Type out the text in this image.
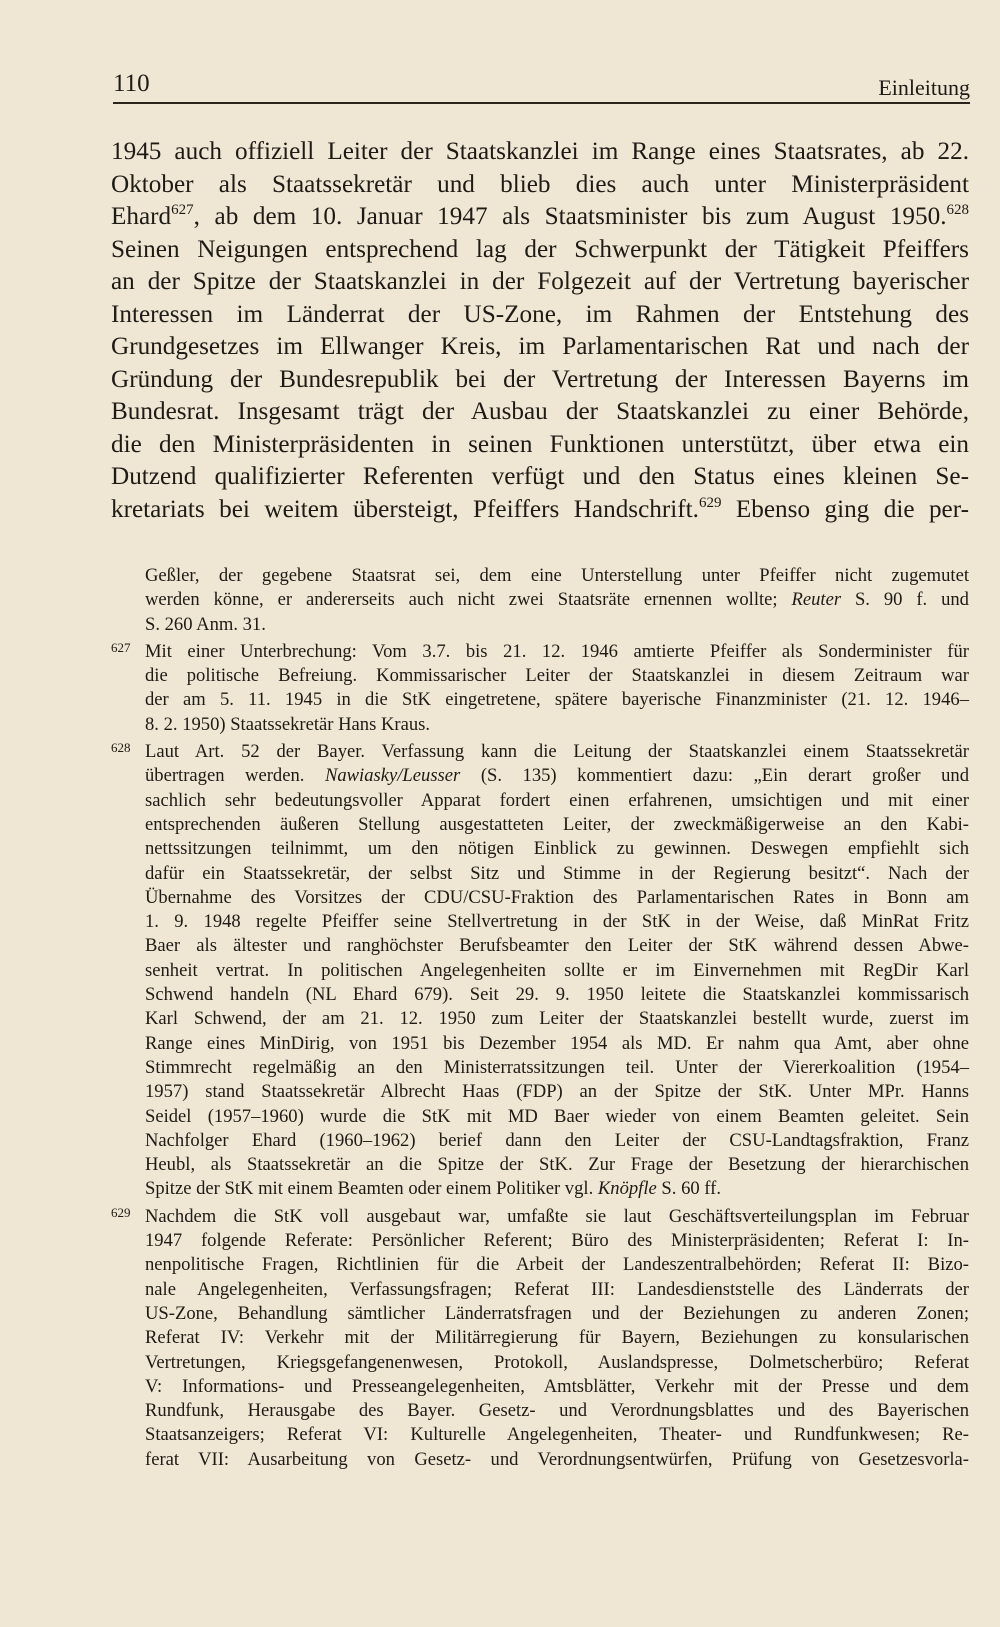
110	Einleitung
1945 auch offiziell Leiter der Staatskanzlei im Range eines Staatsrates, ab 22.
Oktober als Staatssekretär und blieb dies auch unter Ministerpräsident
Ehard$^{627}$, ab dem 10. Januar 1947 als Staatsminister bis zum August 1950.$^{628}$
Seinen Neigungen entsprechend lag der Schwerpunkt der Tätigkeit Pfeiffers
an der Spitze der Staatskanzlei in der Folgezeit auf der Vertretung bayerischer
Interessen im Länderrat der US-Zone, im Rahmen der Entstehung des
Grundgesetzes im Ellwanger Kreis, im Parlamentarischen Rat und nach der
Gründung der Bundesrepublik bei der Vertretung der Interessen Bayerns im
Bundesrat. Insgesamt trägt der Ausbau der Staatskanzlei zu einer Behörde,
die den Ministerpräsidenten in seinen Funktionen unterstützt, über etwa ein
Dutzend qualifizierter Referenten verfügt und den Status eines kleinen Se-
kretariats bei weitem übersteigt, Pfeiffers Handschrift.$^{629}$ Ebenso ging die per-
Geßler, der gegebene Staatsrat sei, dem eine Unterstellung unter Pfeiffer nicht zugemutet
werden könne, er andererseits auch nicht zwei Staatsräte ernennen wollte; Reuter S. 90 f. und
S. 260 Anm. 31.
627 Mit einer Unterbrechung: Vom 3.7. bis 21. 12. 1946 amtierte Pfeiffer als Sonderminister für
die politische Befreiung. Kommissarischer Leiter der Staatskanzlei in diesem Zeitraum war
der am 5. 11. 1945 in die StK eingetretene, spätere bayerische Finanzminister (21. 12. 1946–
8. 2. 1950) Staatssekretär Hans Kraus.
628 Laut Art. 52 der Bayer. Verfassung kann die Leitung der Staatskanzlei einem Staatssekretär
übertragen werden. Nawiasky/Leusser (S. 135) kommentiert dazu: „Ein derart großer und
sachlich sehr bedeutungsvoller Apparat fordert einen erfahrenen, umsichtigen und mit einer
entsprechenden äußeren Stellung ausgestatteten Leiter, der zweckmäßigerweise an den Kabi-
nettssitzungen teilnimmt, um den nötigen Einblick zu gewinnen. Deswegen empfiehlt sich
dafür ein Staatssekretär, der selbst Sitz und Stimme in der Regierung besitzt“. Nach der
Übernahme des Vorsitzes der CDU/CSU-Fraktion des Parlamentarischen Rates in Bonn am
1. 9. 1948 regelte Pfeiffer seine Stellvertretung in der StK in der Weise, daß MinRat Fritz
Baer als ältester und ranghöchster Berufsbeamter den Leiter der StK während dessen Abwe-
senheit vertrat. In politischen Angelegenheiten sollte er im Einvernehmen mit RegDir Karl
Schwend handeln (NL Ehard 679). Seit 29. 9. 1950 leitete die Staatskanzlei kommissarisch
Karl Schwend, der am 21. 12. 1950 zum Leiter der Staatskanzlei bestellt wurde, zuerst im
Range eines MinDirig, von 1951 bis Dezember 1954 als MD. Er nahm qua Amt, aber ohne
Stimmrecht regelmäßig an den Ministerratssitzungen teil. Unter der Viererkoalition (1954–
1957) stand Staatssekretär Albrecht Haas (FDP) an der Spitze der StK. Unter MPr. Hanns
Seidel (1957–1960) wurde die StK mit MD Baer wieder von einem Beamten geleitet. Sein
Nachfolger Ehard (1960–1962) berief dann den Leiter der CSU-Landtagsfraktion, Franz
Heubl, als Staatssekretär an die Spitze der StK. Zur Frage der Besetzung der hierarchischen
Spitze der StK mit einem Beamten oder einem Politiker vgl. Knöpfle S. 60 ff.
629 Nachdem die StK voll ausgebaut war, umfaßte sie laut Geschäftsverteilungsplan im Februar
1947 folgende Referate: Persönlicher Referent; Büro des Ministerpräsidenten; Referat I: In-
nenpolitische Fragen, Richtlinien für die Arbeit der Landeszentralbehörden; Referat II: Bizo-
nale Angelegenheiten, Verfassungsfragen; Referat III: Landesdienststelle des Länderrats der
US-Zone, Behandlung sämtlicher Länderratsfragen und der Beziehungen zu anderen Zonen;
Referat IV: Verkehr mit der Militärregierung für Bayern, Beziehungen zu konsularischen
Vertretungen, Kriegsgefangenenwesen, Protokoll, Auslandspresse, Dolmetscherbüro; Referat
V: Informations- und Presseangelegenheiten, Amtsblätter, Verkehr mit der Presse und dem
Rundfunk, Herausgabe des Bayer. Gesetz- und Verordnungsblattes und des Bayerischen
Staatsanzeigers; Referat VI: Kulturelle Angelegenheiten, Theater- und Rundfunkwesen; Re-
ferat VII: Ausarbeitung von Gesetz- und Verordnungsentwürfen, Prüfung von Gesetzesvorla-
